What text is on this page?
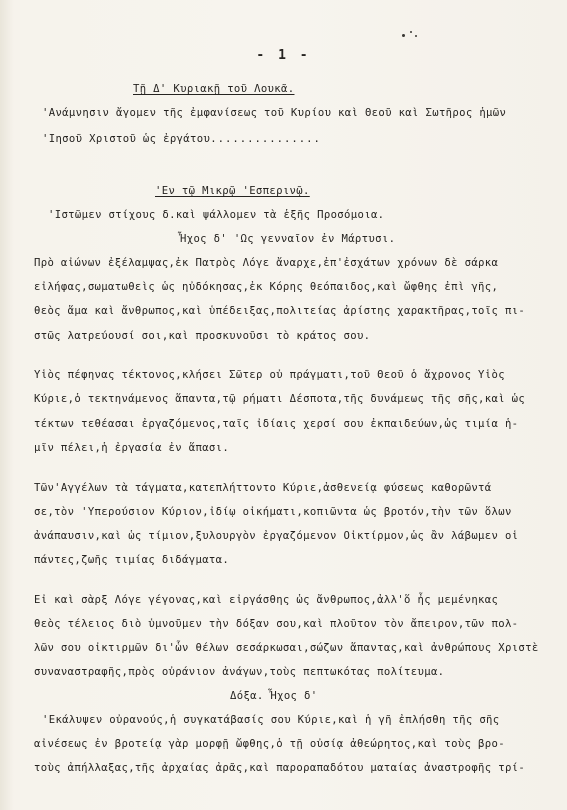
- 1 -

Τῇ Δ' Κυριακῇ τοῦ Λουκᾶ.

'Ανάμνησιν ἄγομεν τῆς ἐμφανίσεως τοῦ Κυρίου καὶ Θεοῦ καὶ Σωτῆρος ἡμῶν

'Ιησοῦ Χριστοῦ ὡς ἐργάτου...............

'Εν τῷ Μικρῷ 'Εσπερινῷ.

'Ιστῶμεν στίχους δ.καὶ ψάλλομεν τὰ ἑξῆς Προσόμοια.

Ἦχος δ' 'Ως γενναῖον ἐν Μάρτυσι.

Πρὸ αἰώνων ἐξέλαμψας,ἐκ Πατρὸς Λόγε ἄναρχε,ἐπ'ἐσχάτων χρόνων δὲ σάρκα

εἰλήφας,σωματωθεὶς ὡς ηὐδόκησας,ἐκ Κόρης θεόπαιδος,καὶ ὤφθης ἐπὶ γῆς,

θεὸς ἅμα καὶ ἄνθρωπος,καὶ ὑπέδειξας,πολιτείας ἀρίστης χαρακτῆρας,τοῖς πι-

στῶς λατρεύουσί σοι,καὶ προσκυνοῦσι τὸ κράτος σου.

Υἱὸς πέφηνας τέκτονος,κλήσει Σῶτερ οὐ πράγματι,τοῦ Θεοῦ ὁ ἄχρονος Υἱὸς

Κύριε,ὁ τεκτηνάμενος ἅπαντα,τῷ ρήματι Δέσποτα,τῆς δυνάμεως τῆς σῆς,καὶ ὡς

τέκτων τεθέασαι ἐργαζόμενος,ταῖς ἰδίαις χερσί σου ἐκπαιδεύων,ὡς τιμία ἡ-

μῖν πέλει,ἡ ἐργασία ἐν ἅπασι.

Τῶν'Αγγέλων τὰ τάγματα,κατεπλήττοντο Κύριε,ἀσθενείᾳ φύσεως καθορῶντά

σε,τὸν 'Υπερούσιον Κύριον,ἰδίῳ οἰκήματι,κοπιῶντα ὡς βροτόν,τὴν τῶν ὅλων

ἀνάπαυσιν,καὶ ὡς τίμιον,ξυλουργὸν ἐργαζόμενον Οἰκτίρμον,ὡς ἂν λάβωμεν οἱ

πάντες,ζωῆς τιμίας διδάγματα.

Εἰ καὶ σὰρξ Λόγε γέγονας,καὶ εἰργάσθης ὡς ἄνθρωπος,ἀλλ'ὅ ἦς μεμένηκας

θεὸς τέλειος διὸ ὑμνοῦμεν τὴν δόξαν σου,καὶ πλοῦτον τὸν ἄπειρον,τῶν πολ-

λῶν σου οἰκτιρμῶν δι'ὧν θέλων σεσάρκωσαι,σώζων ἅπαντας,καὶ ἀνθρώπους Χριστὲ

συναναστραφῆς,πρὸς οὐράνιον ἀνάγων,τοὺς πεπτωκότας πολίτευμα.

Δόξα. Ἦχος δ'

'Εκάλυψεν οὐρανούς,ἡ συγκατάβασίς σου Κύριε,καὶ ἡ γῆ ἐπλήσθη τῆς σῆς

αἰνέσεως ἐν βροτείᾳ γὰρ μορφῇ ὤφθης,ὁ τῇ οὐσίᾳ ἀθεώρητος,καὶ τοὺς βρο-

τοὺς ἀπήλλαξας,τῆς ἀρχαίας ἀρᾶς,καὶ παροραπαδότου ματαίας ἀναστροφῆς τρί-
